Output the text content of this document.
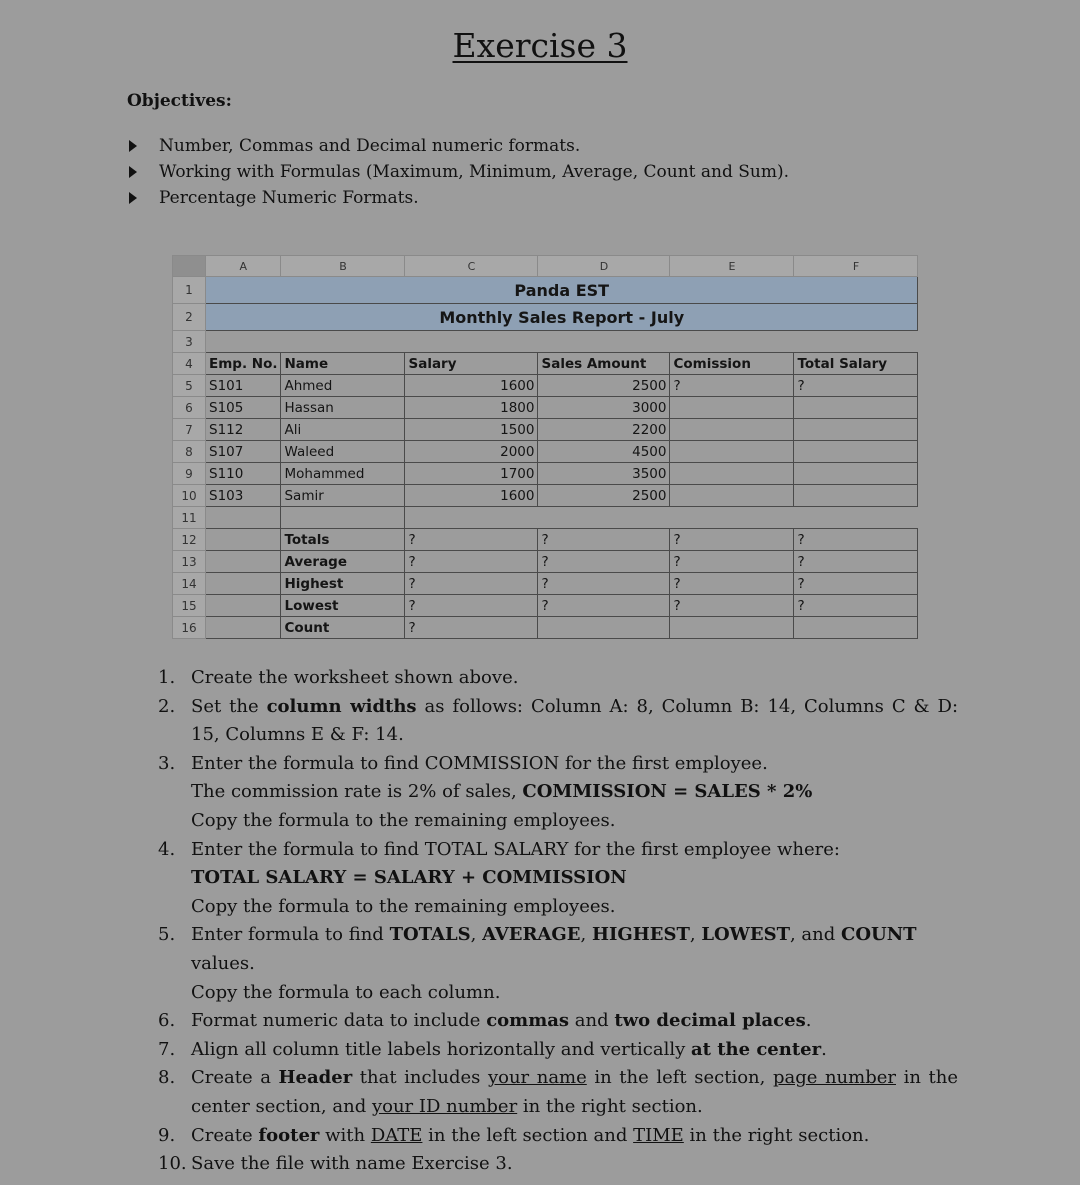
Exercise 3
Objectives:
Number, Commas and Decimal numeric formats.
Working with Formulas (Maximum, Minimum, Average, Count and Sum).
Percentage Numeric Formats.
	A	B	C	D	E	F
1	Panda EST					
2	Monthly Sales Report - July					
3						
4	Emp. No.	Name	Salary	Sales Amount	Comission	Total Salary
5	S101	Ahmed	1600	2500	?	?
6	S105	Hassan	1800	3000		
7	S112	Ali	1500	2200		
8	S107	Waleed	2000	4500		
9	S110	Mohammed	1700	3500		
10	S103	Samir	1600	2500		
11						
12		Totals	?	?	?	?
13		Average	?	?	?	?
14		Highest	?	?	?	?
15		Lowest	?	?	?	?
16		Count	?			
1. Create the worksheet shown above.
2. Set the column widths as follows: Column A: 8, Column B: 14, Columns C & D: 15, Columns E & F: 14.
3. Enter the formula to find COMMISSION for the first employee.
The commission rate is 2% of sales, COMMISSION = SALES * 2%
Copy the formula to the remaining employees.
4. Enter the formula to find TOTAL SALARY for the first employee where:
TOTAL SALARY = SALARY + COMMISSION
Copy the formula to the remaining employees.
5. Enter formula to find TOTALS, AVERAGE, HIGHEST, LOWEST, and COUNT values.
Copy the formula to each column.
6. Format numeric data to include commas and two decimal places.
7. Align all column title labels horizontally and vertically at the center.
8. Create a Header that includes your name in the left section, page number in the center section, and your ID number in the right section.
9. Create footer with DATE in the left section and TIME in the right section.
10. Save the file with name Exercise 3.
